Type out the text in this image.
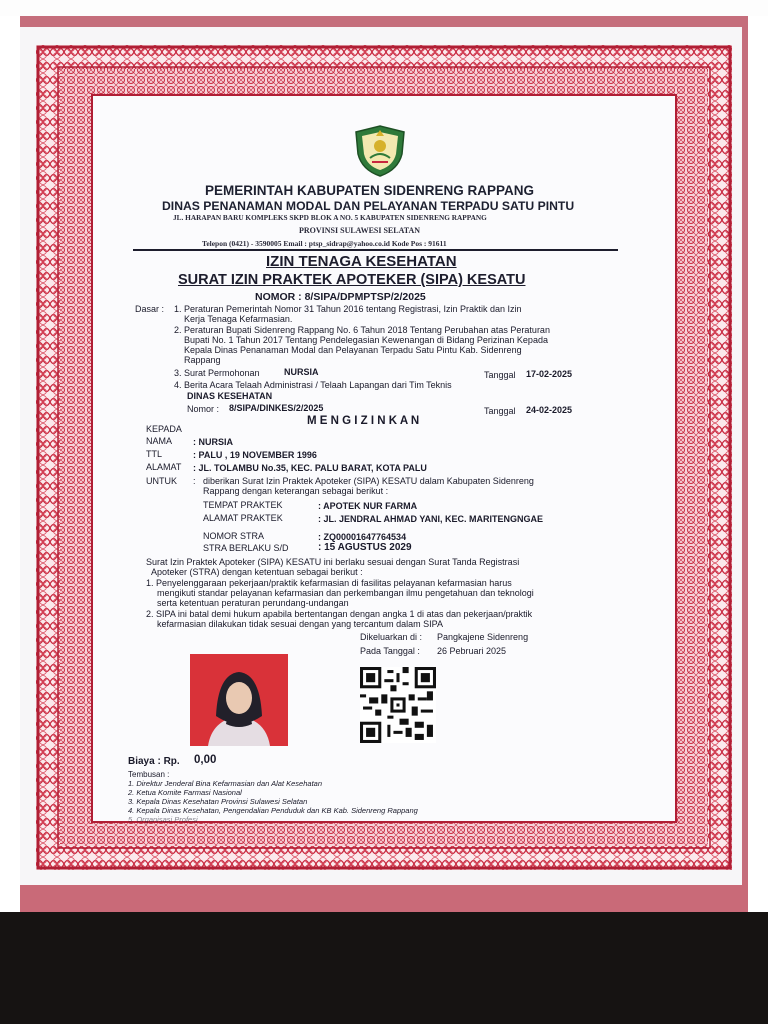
PEMERINTAH KABUPATEN SIDENRENG RAPPANG
DINAS PENANAMAN MODAL DAN PELAYANAN TERPADU SATU PINTU
JL. HARAPAN BARU KOMPLEKS SKPD BLOK A NO. 5 KABUPATEN SIDENRENG RAPPANG
PROVINSI SULAWESI SELATAN
Telepon (0421) - 3590005 Email : ptsp_sidrap@yahoo.co.id Kode Pos : 91611
IZIN TENAGA KESEHATAN
SURAT IZIN PRAKTEK APOTEKER (SIPA) KESATU
NOMOR : 8/SIPA/DPMPTSP/2/2025
Dasar : 1. Peraturan Pemerintah Nomor 31 Tahun 2016 tentang Registrasi, Izin Praktik dan Izin
Kerja Tenaga Kefarmasian.
2. Peraturan Bupati Sidenreng Rappang No. 6 Tahun 2018 Tentang Perubahan atas Peraturan
Bupati No. 1 Tahun 2017 Tentang Pendelegasian Kewenangan di Bidang Perizinan Kepada
Kepala Dinas Penanaman Modal dan Pelayanan Terpadu Satu Pintu Kab. Sidenreng
Rappang
3. Surat Permohonan	NURSIA	Tanggal 17-02-2025
4. Berita Acara Telaah Administrasi / Telaah Lapangan dari Tim Teknis
DINAS KESEHATAN
Nomor : 8/SIPA/DINKES/2/2025	Tanggal 24-02-2025
M E N G I Z I N K A N
KEPADA
NAMA : NURSIA
TTL	: PALU , 19 NOVEMBER 1996
ALAMAT : JL. TOLAMBU No.35, KEC. PALU BARAT, KOTA PALU
UNTUK : diberikan Surat Izin Praktek Apoteker (SIPA) KESATU dalam Kabupaten Sidenreng
Rappang dengan keterangan sebagai berikut :
TEMPAT PRAKTEK	: APOTEK NUR FARMA
ALAMAT PRAKTEK	: JL. JENDRAL AHMAD YANI, KEC. MARITENGNGAE
NOMOR STRA	: ZQ00001647764534
STRA BERLAKU S/D	: 15 AGUSTUS 2029
Surat Izin Praktek Apoteker (SIPA) KESATU ini berlaku sesuai dengan Surat Tanda Registrasi
Apoteker (STRA) dengan ketentuan sebagai berikut :
1. Penyelenggaraan pekerjaan/praktik kefarmasian di fasilitas pelayanan kefarmasian harus
mengikuti standar pelayanan kefarmasian dan perkembangan ilmu pengetahuan dan teknologi
serta ketentuan peraturan perundang-undangan
2. SIPA ini batal demi hukum apabila bertentangan dengan angka 1 di atas dan pekerjaan/praktik
kefarmasian dilakukan tidak sesuai dengan yang tercantum dalam SIPA
Dikeluarkan di : Pangkajene Sidenreng
Pada Tanggal : 26 Pebruari 2025
Biaya : Rp. 0,00
Tembusan :
1. Direktur Jenderal Bina Kefarmasian dan Alat Kesehatan
2. Ketua Komite Farmasi Nasional
3. Kepala Dinas Kesehatan Provinsi Sulawesi Selatan
4. Kepala Dinas Kesehatan, Pengendalian Penduduk dan KB Kab. Sidenreng Rappang
5. Organisasi Profesi
